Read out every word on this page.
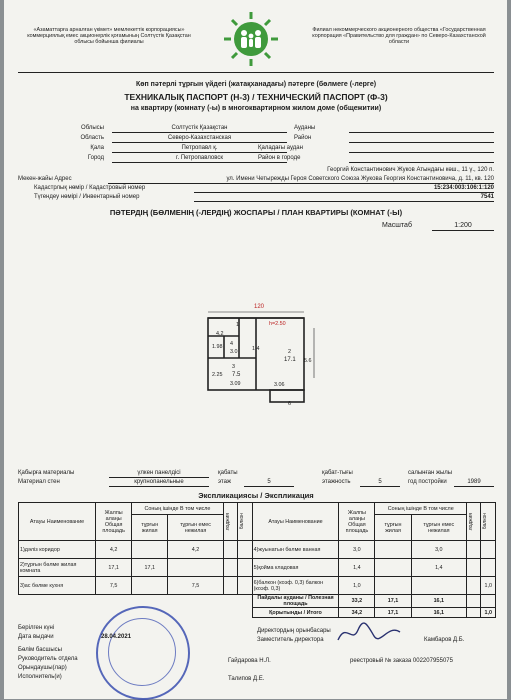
«Азаматтарға арналған үкімет» мемлекеттік корпорациясы» коммерциялық емес акционерлік қоғамының Солтүстік Қазақстан облысы бойынша филиалы
Филиал некоммерческого акционерного общества «Государственная корпорация «Правительство для граждан» по Северо-Казахстанской области
Көп пәтерлі тұрғын үйдегі (жатақханадағы) пәтерге (бөлмеге (-лерге)
ТЕХНИКАЛЫҚ ПАСПОРТ (Н-3) / ТЕХНИЧЕСКИЙ ПАСПОРТ (Ф-3)
на квартиру (комнату (-ы) в многоквартирном жилом доме (общежитии)
Облысы	Солтүстік Қазақстан	Ауданы
Область	Северо-Казахстанская	Район
Қала	Петропавл қ.	Қаладағы аудан
Город	г. Петропавловск	Район в городе
Георгий Константинович Жуков Атындағы көш., 11 ү., 120 п.
Мекен-жайы Адрес	ул. Имени Четырежды Героя Советского Союза Жукова Георгия Константиновича, д. 11, кв. 120
Кадастрлық нөмір / Кадастровый номер	15:234:003:106:1:120
Түгендеу нөмірі / Инвентарный номер	7541
ПӘТЕРДІҢ (БӨЛМЕНІҢ (-ЛЕРДІҢ) ЖОСПАРЫ / ПЛАН КВАРТИРЫ (КОМНАТ (-Ы)
Масштаб	1:200
120
h=2.50
1
4.2
4
3.0	1.4	2
17.1
3
7.5
3.09	3.06
5.6
2.25
1.98
6
Қабырға материалы	үлкен панелдісі
Материал стен	крупнопанельные
қабаты
этаж	5
қабат-тығы
этажность	5
салынған жылы
год постройки	1989
Экспликациясы / Экспликация
Атауы Наименование	Жалпы алаңы Общая площадь	Соның ішінде В том числе		лоджия	балкон	Атауы Наименование	Жалпы алаңы Общая площадь	Соның ішінде В том числе		лоджия	балкон

		тұрғын жилая	тұрғын емес нежилая					тұрғын жилая	тұрғын емес нежилая		
1)дәліз коридор	4,2		4,2			4)жуынатын бөлме ванная	3,0		3,0		
2)тұрғын бөлме жилая комната	17,1	17,1				5)қойма кладовая	1,4		1,4		
3)ас бөлме кухня	7,5		7,5			6)балкон (коэф. 0,3) балкон (коэф. 0,3)	1,0				1,0
						Пайдалы ауданы / Полезная площадь	33,2	17,1	16,1		
						Қорытынды / Итого	34,2	17,1	16,1		1,0
Берілген күні
Дата выдачи	28.04.2021
Бөлім басшысы
Руководитель отдела
Орындаушы(лар)
Исполнитель(и)
Директордың орынбасары
Заместитель директора	Камбаров Д.Б.
Гайдарова Н.Л.	реестровый № заказа 002207955075
Талипов Д.Е.
